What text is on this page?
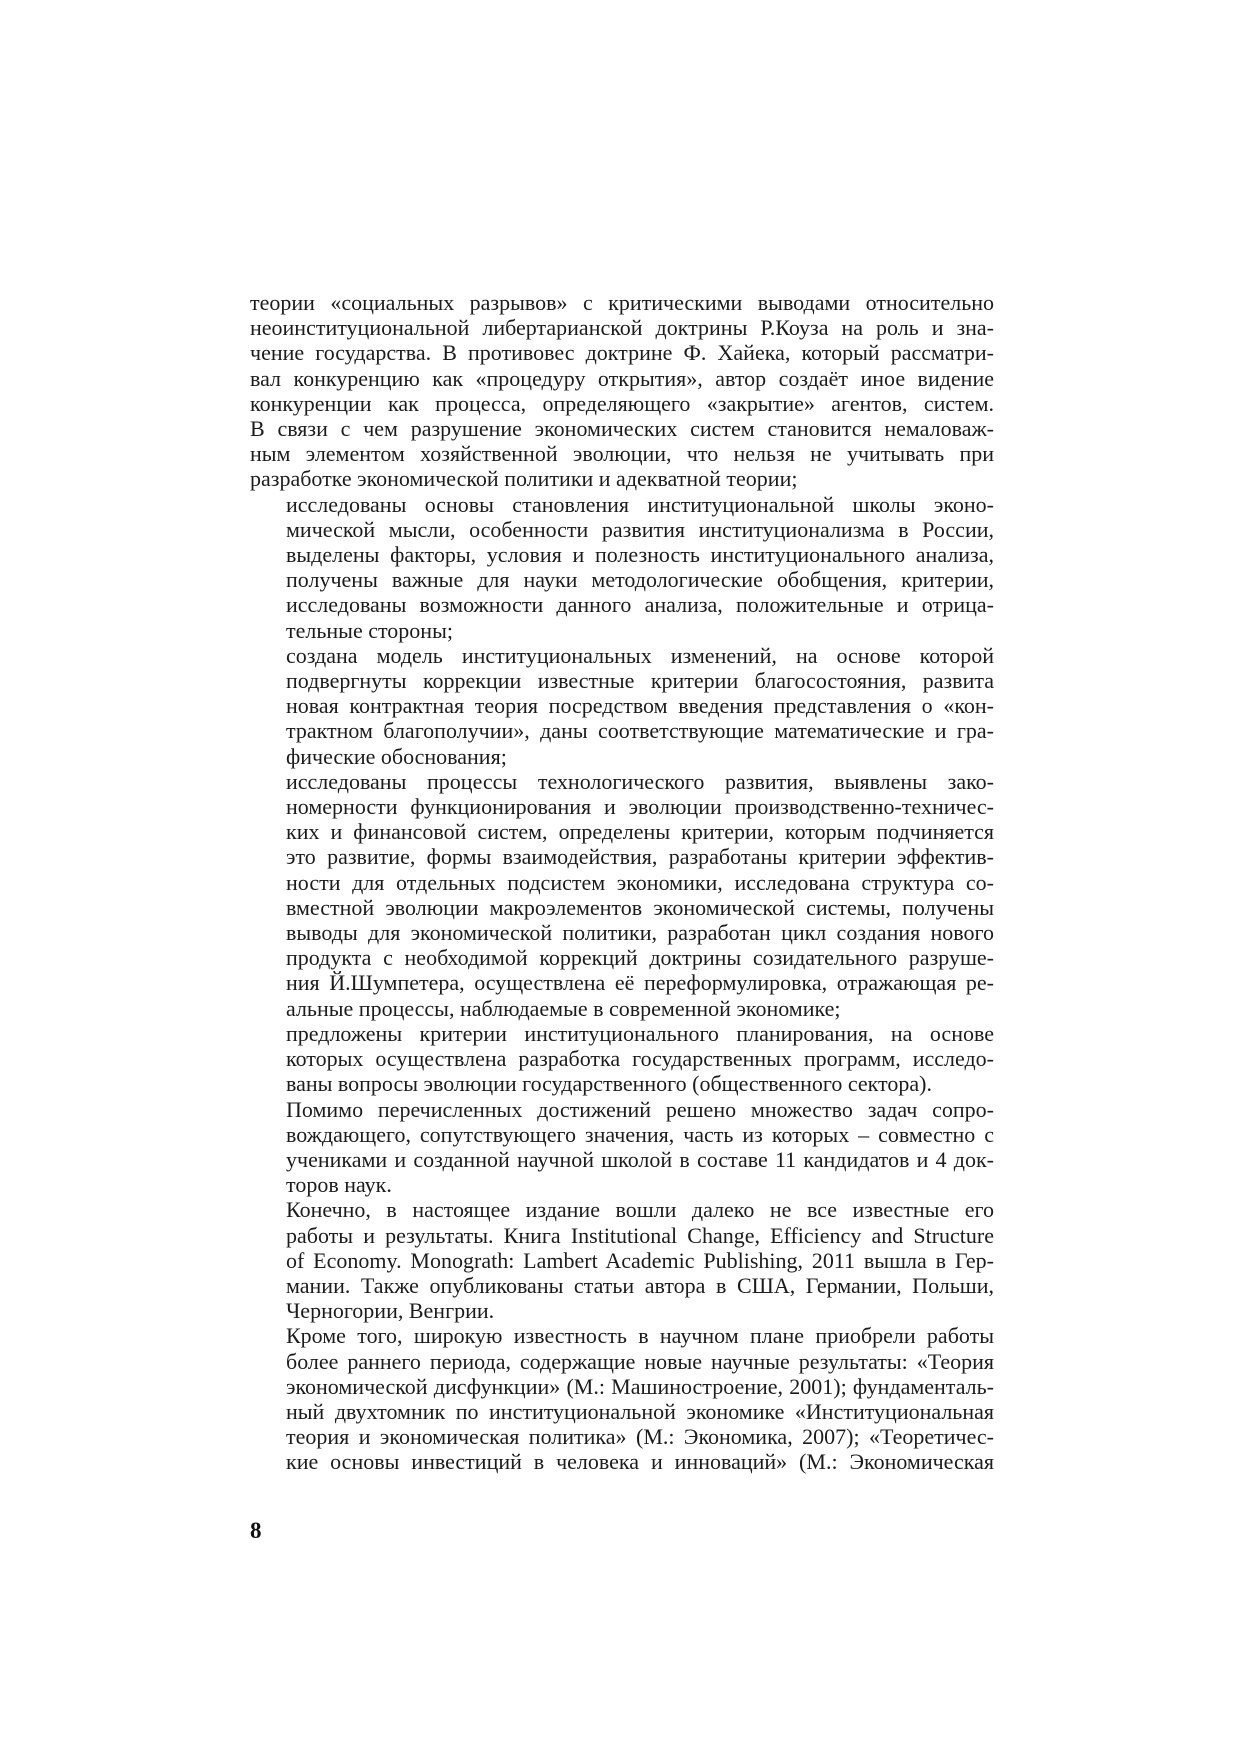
теории «социальных разрывов» с критическими выводами относительно
неоинституциональной либертарианской доктрины Р.Коуза на роль и зна-
чение государства. В противовес доктрине Ф. Хайека, который рассматри-
вал конкуренцию как «процедуру открытия», автор создаёт иное видение
конкуренции как процесса, определяющего «закрытие» агентов, систем.
В связи с чем разрушение экономических систем становится немаловаж-
ным элементом хозяйственной эволюции, что нельзя не учитывать при
разработке экономической политики и адекватной теории;

исследованы основы становления институциональной школы эконо-
мической мысли, особенности развития институционализма в России,
выделены факторы, условия и полезность институционального анализа,
получены важные для науки методологические обобщения, критерии,
исследованы возможности данного анализа, положительные и отрица-
тельные стороны;

создана модель институциональных изменений, на основе которой
подвергнуты коррекции известные критерии благосостояния, развита
новая контрактная теория посредством введения представления о «кон-
трактном благополучии», даны соответствующие математические и гра-
фические обоснования;

исследованы процессы технологического развития, выявлены зако-
номерности функционирования и эволюции производственно-техничес-
ких и финансовой систем, определены критерии, которым подчиняется
это развитие, формы взаимодействия, разработаны критерии эффектив-
ности для отдельных подсистем экономики, исследована структура со-
вместной эволюции макроэлементов экономической системы, получены
выводы для экономической политики, разработан цикл создания нового
продукта с необходимой коррекций доктрины созидательного разруше-
ния Й.Шумпетера, осуществлена её переформулировка, отражающая ре-
альные процессы, наблюдаемые в современной экономике;

предложены критерии институционального планирования, на основе
которых осуществлена разработка государственных программ, исследо-
ваны вопросы эволюции государственного (общественного сектора).

Помимо перечисленных достижений решено множество задач сопро-
вождающего, сопутствующего значения, часть из которых – совместно с
учениками и созданной научной школой в составе 11 кандидатов и 4 док-
торов наук.

Конечно, в настоящее издание вошли далеко не все известные его
работы и результаты. Книга Institutional Change, Efficiency and Structure
of Economy. Monograth: Lambert Academic Publishing, 2011 вышла в Гер-
мании. Также опубликованы статьи автора в США, Германии, Польши,
Черногории, Венгрии.

Кроме того, широкую известность в научном плане приобрели работы
более раннего периода, содержащие новые научные результаты: «Теория
экономической дисфункции» (М.: Машиностроение, 2001); фундаменталь-
ный двухтомник по институциональной экономике «Институциональная
теория и экономическая политика» (М.: Экономика, 2007); «Теоретичес-
кие основы инвестиций в человека и инноваций» (М.: Экономическая

8
